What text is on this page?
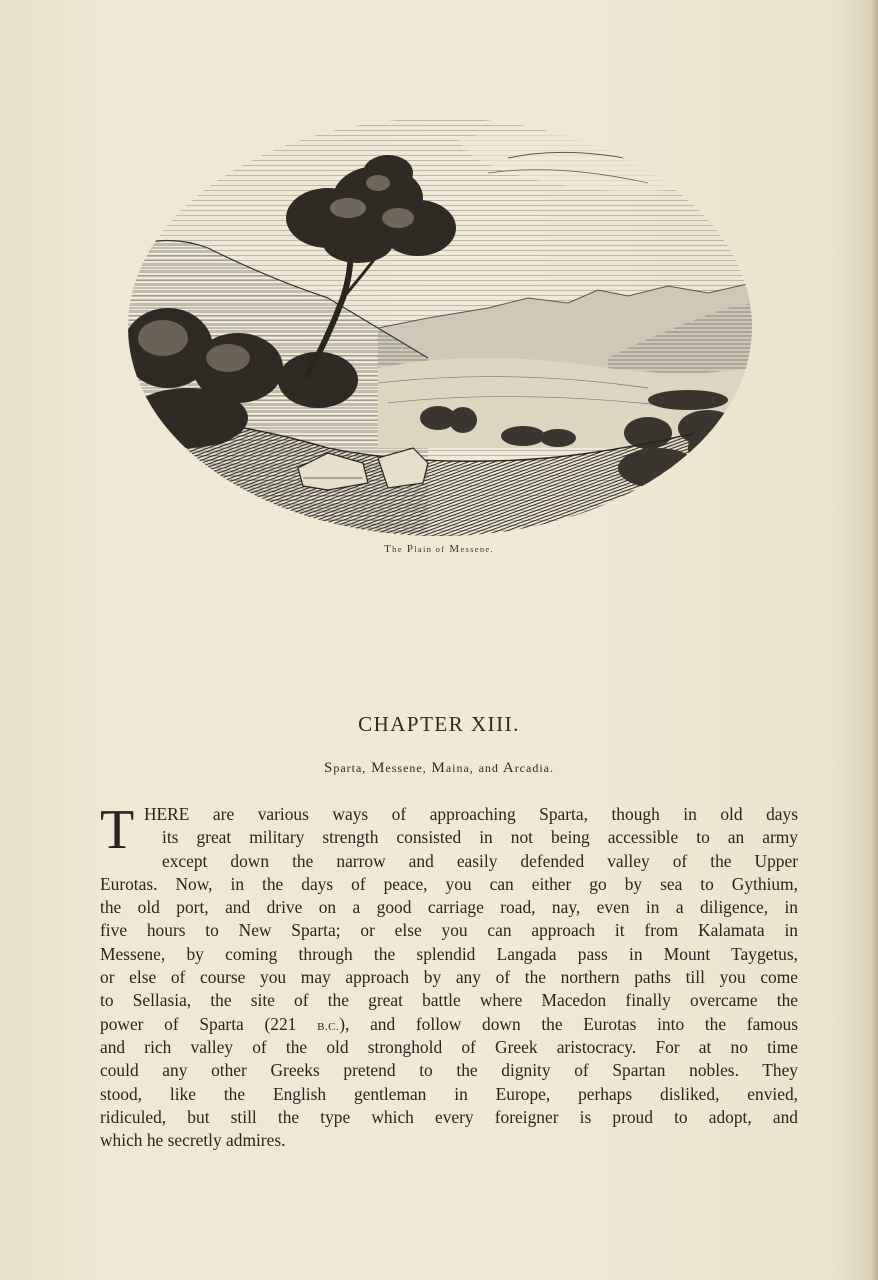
The Plain of Messene.
CHAPTER XIII.
Sparta, Messene, Maina, and Arcadia.
T HERE are various ways of approaching Sparta, though in old days
its great military strength consisted in not being accessible to an army
except down the narrow and easily defended valley of the Upper
Eurotas. Now, in the days of peace, you can either go by sea to Gythium,
the old port, and drive on a good carriage road, nay, even in a diligence, in
five hours to New Sparta; or else you can approach it from Kalamata in
Messene, by coming through the splendid Langada pass in Mount Taygetus,
or else of course you may approach by any of the northern paths till you come
to Sellasia, the site of the great battle where Macedon finally overcame the
power of Sparta (221 B.C.), and follow down the Eurotas into the famous
and rich valley of the old stronghold of Greek aristocracy. For at no time
could any other Greeks pretend to the dignity of Spartan nobles. They
stood, like the English gentleman in Europe, perhaps disliked, envied,
ridiculed, but still the type which every foreigner is proud to adopt, and
which he secretly admires.
